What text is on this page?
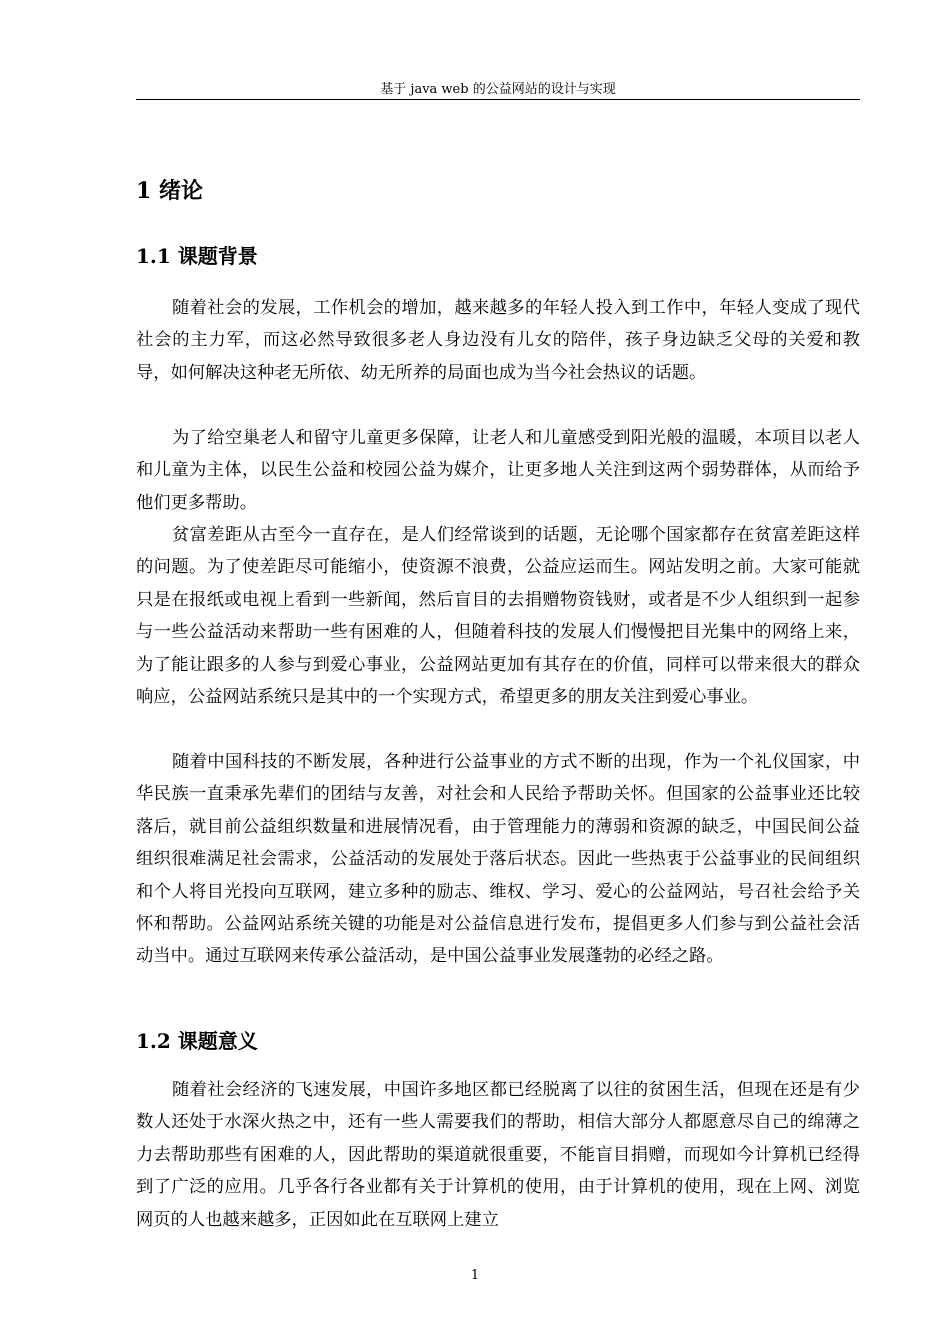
基于 java web 的公益网站的设计与实现
1 绪论
1.1 课题背景

随着社会的发展，工作机会的增加，越来越多的年轻人投入到工作中，年轻人变成了现代社会的主力军，而这必然导致很多老人身边没有儿女的陪伴，孩子身边缺乏父母的关爱和教导，如何解决这种老无所依、幼无所养的局面也成为当今社会热议的话题。

为了给空巢老人和留守儿童更多保障，让老人和儿童感受到阳光般的温暖，本项目以老人和儿童为主体，以民生公益和校园公益为媒介，让更多地人关注到这两个弱势群体，从而给予他们更多帮助。

贫富差距从古至今一直存在，是人们经常谈到的话题，无论哪个国家都存在贫富差距这样的问题。为了使差距尽可能缩小，使资源不浪费，公益应运而生。网站发明之前。大家可能就只是在报纸或电视上看到一些新闻，然后盲目的去捐赠物资钱财，或者是不少人组织到一起参与一些公益活动来帮助一些有困难的人，但随着科技的发展人们慢慢把目光集中的网络上来，为了能让跟多的人参与到爱心事业，公益网站更加有其存在的价值，同样可以带来很大的群众响应，公益网站系统只是其中的一个实现方式，希望更多的朋友关注到爱心事业。

随着中国科技的不断发展，各种进行公益事业的方式不断的出现，作为一个礼仪国家，中华民族一直秉承先辈们的团结与友善，对社会和人民给予帮助关怀。但国家的公益事业还比较落后，就目前公益组织数量和进展情况看，由于管理能力的薄弱和资源的缺乏，中国民间公益组织很难满足社会需求，公益活动的发展处于落后状态。因此一些热衷于公益事业的民间组织和个人将目光投向互联网，建立多种的励志、维权、学习、爱心的公益网站，号召社会给予关怀和帮助。公益网站系统关键的功能是对公益信息进行发布，提倡更多人们参与到公益社会活动当中。通过互联网来传承公益活动，是中国公益事业发展蓬勃的必经之路。

1.2 课题意义

随着社会经济的飞速发展，中国许多地区都已经脱离了以往的贫困生活，但现在还是有少数人还处于水深火热之中，还有一些人需要我们的帮助，相信大部分人都愿意尽自己的绵薄之力去帮助那些有困难的人，因此帮助的渠道就很重要，不能盲目捐赠，而现如今计算机已经得到了广泛的应用。几乎各行各业都有关于计算机的使用，由于计算机的使用，现在上网、浏览网页的人也越来越多，正因如此在互联网上建立

1
